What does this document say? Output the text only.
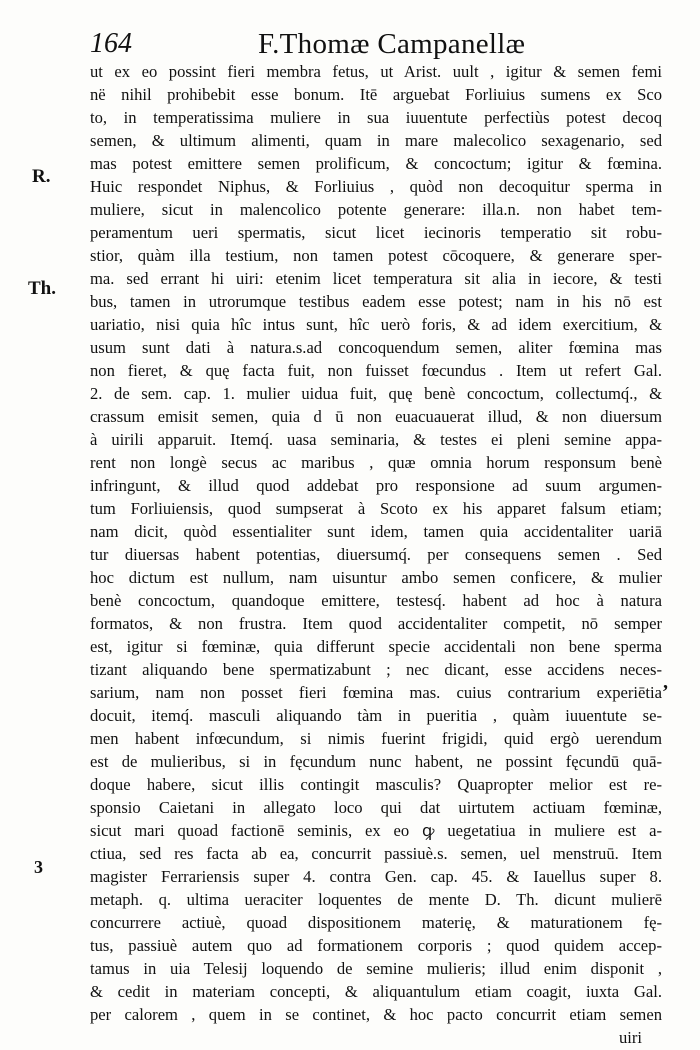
164	F.Thomæ Campanellæ
R.
Th.
3
,
ut ex eo possint fieri membra fetus, ut Arist. uult , igitur & semen femi
në nihil prohibebit esse bonum. Itē arguebat Forliuius sumens ex Sco
to, in temperatissima muliere in sua iuuentute perfectiùs potest decoq
semen, & ultimum alimenti, quam in mare malecolico sexagenario, sed
mas potest emittere semen prolificum, & concoctum; igitur & fœmina.
Huic respondet Niphus, & Forliuius , quòd non decoquitur sperma in
muliere, sicut in malencolico potente generare: illa.n. non habet tem-
peramentum ueri spermatis, sicut licet iecinoris temperatio sit robu-
stior, quàm illa testium, non tamen potest cōcoquere, & generare sper-
ma. sed errant hi uiri: etenim licet temperatura sit alia in iecore, & testi
bus, tamen in utrorumque testibus eadem esse potest; nam in his nō est
uariatio, nisi quia hîc intus sunt, hîc uerò foris, & ad idem exercitium, &
usum sunt dati à natura.s.ad concoquendum semen, aliter fœmina mas
non fieret, & quę facta fuit, non fuisset fœcundus . Item ut refert Gal.
2. de sem. cap. 1. mulier uidua fuit, quę benè concoctum, collectumq́., &
crassum emisit semen, quia d ū non euacuauerat illud, & non diuersum
à uirili apparuit. Itemq́. uasa seminaria, & testes ei pleni semine appa-
rent non longè secus ac maribus , quæ omnia horum responsum benè
infringunt, & illud quod addebat pro responsione ad suum argumen-
tum Forliuiensis, quod sumpserat à Scoto ex his apparet falsum etiam;
nam dicit, quòd essentialiter sunt idem, tamen quia accidentaliter uariā
tur diuersas habent potentias, diuersumq́. per consequens semen . Sed
hoc dictum est nullum, nam uisuntur ambo semen conficere, & mulier
benè concoctum, quandoque emittere, testesq́. habent ad hoc à natura
formatos, & non frustra. Item quod accidentaliter competit, nō semper
est, igitur si fœminæ, quia differunt specie accidentali non bene sperma
tizant aliquando bene spermatizabunt ; nec dicant, esse accidens neces-
sarium, nam non posset fieri fœmina mas. cuius contrarium experiētia
docuit, itemq́. masculi aliquando tàm in pueritia , quàm iuuentute se-
men habent infœcundum, si nimis fuerint frigidi, quid ergò uerendum
est de mulieribus, si in fęcundum nunc habent, ne possint fęcundū quā-
doque habere, sicut illis contingit masculis? Quapropter melior est re-
sponsio Caietani in allegato loco qui dat uirtutem actiuam fœminæ,
sicut mari quoad factionē seminis, ex eo ꝙ uegetatiua in muliere est a-
ctiua, sed res facta ab ea, concurrit passiuè.s. semen, uel menstruū. Item
magister Ferrariensis super 4. contra Gen. cap. 45. & Iauellus super 8.
metaph. q. ultima ueraciter loquentes de mente D. Th. dicunt mulierē
concurrere actiuè, quoad dispositionem materię, & maturationem fę-
tus, passiuè autem quo ad formationem corporis ; quod quidem accep-
tamus in uia Telesij loquendo de semine mulieris; illud enim disponit ,
& cedit in materiam concepti, & aliquantulum etiam coagit, iuxta Gal.
per calorem , quem in se continet, & hoc pacto concurrit etiam semen
uiri
